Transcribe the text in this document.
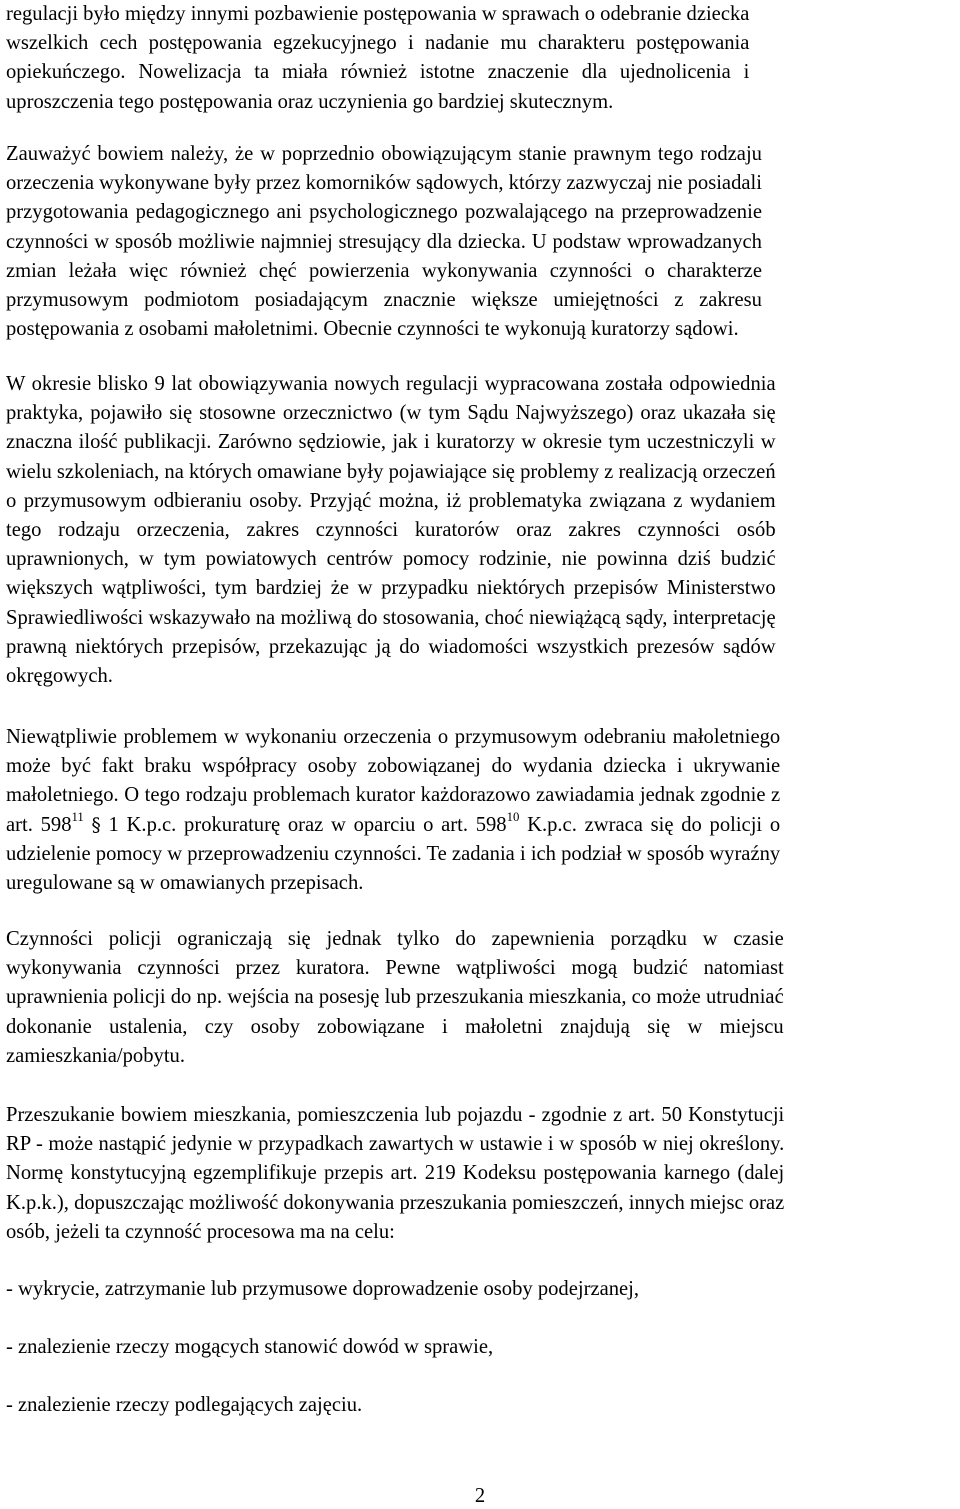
regulacji było między innymi pozbawienie postępowania w sprawach o odebranie dziecka
wszelkich cech postępowania egzekucyjnego i nadanie mu charakteru postępowania
opiekuńczego. Nowelizacja ta miała również istotne znaczenie dla ujednolicenia i
uproszczenia tego postępowania oraz uczynienia go bardziej skutecznym.
Zauważyć bowiem należy, że w poprzednio obowiązującym stanie prawnym tego rodzaju
orzeczenia wykonywane były przez komorników sądowych, którzy zazwyczaj nie posiadali
przygotowania pedagogicznego ani psychologicznego pozwalającego na przeprowadzenie
czynności w sposób możliwie najmniej stresujący dla dziecka. U podstaw wprowadzanych
zmian leżała więc również chęć powierzenia wykonywania czynności o charakterze
przymusowym podmiotom posiadającym znacznie większe umiejętności z zakresu
postępowania z osobami małoletnimi. Obecnie czynności te wykonują kuratorzy sądowi.
W okresie blisko 9 lat obowiązywania nowych regulacji wypracowana została odpowiednia
praktyka, pojawiło się stosowne orzecznictwo (w tym Sądu Najwyższego) oraz ukazała się
znaczna ilość publikacji. Zarówno sędziowie, jak i kuratorzy w okresie tym uczestniczyli w
wielu szkoleniach, na których omawiane były pojawiające się problemy z realizacją orzeczeń
o przymusowym odbieraniu osoby. Przyjąć można, iż problematyka związana z wydaniem
tego rodzaju orzeczenia, zakres czynności kuratorów oraz zakres czynności osób
uprawnionych, w tym powiatowych centrów pomocy rodzinie, nie powinna dziś budzić
większych wątpliwości, tym bardziej że w przypadku niektórych przepisów Ministerstwo
Sprawiedliwości wskazywało na możliwą do stosowania, choć niewiążącą sądy, interpretację
prawną niektórych przepisów, przekazując ją do wiadomości wszystkich prezesów sądów
okręgowych.
Niewątpliwie problemem w wykonaniu orzeczenia o przymusowym odebraniu małoletniego
może być fakt braku współpracy osoby zobowiązanej do wydania dziecka i ukrywanie
małoletniego. O tego rodzaju problemach kurator każdorazowo zawiadamia jednak zgodnie z
art. $598^{11}$ § 1 K.p.c. prokuraturę oraz w oparciu o art. $598^{10}$ K.p.c. zwraca się do policji o
udzielenie pomocy w przeprowadzeniu czynności. Te zadania i ich podział w sposób wyraźny
uregulowane są w omawianych przepisach.
Czynności policji ograniczają się jednak tylko do zapewnienia porządku w czasie
wykonywania czynności przez kuratora. Pewne wątpliwości mogą budzić natomiast
uprawnienia policji do np. wejścia na posesję lub przeszukania mieszkania, co może utrudniać
dokonanie ustalenia, czy osoby zobowiązane i małoletni znajdują się w miejscu
zamieszkania/pobytu.
Przeszukanie bowiem mieszkania, pomieszczenia lub pojazdu - zgodnie z art. 50 Konstytucji
RP - może nastąpić jedynie w przypadkach zawartych w ustawie i w sposób w niej określony.
Normę konstytucyjną egzemplifikuje przepis art. 219 Kodeksu postępowania karnego (dalej
K.p.k.), dopuszczając możliwość dokonywania przeszukania pomieszczeń, innych miejsc oraz
osób, jeżeli ta czynność procesowa ma na celu:
- wykrycie, zatrzymanie lub przymusowe doprowadzenie osoby podejrzanej,
- znalezienie rzeczy mogących stanowić dowód w sprawie,
- znalezienie rzeczy podlegających zajęciu.
2
